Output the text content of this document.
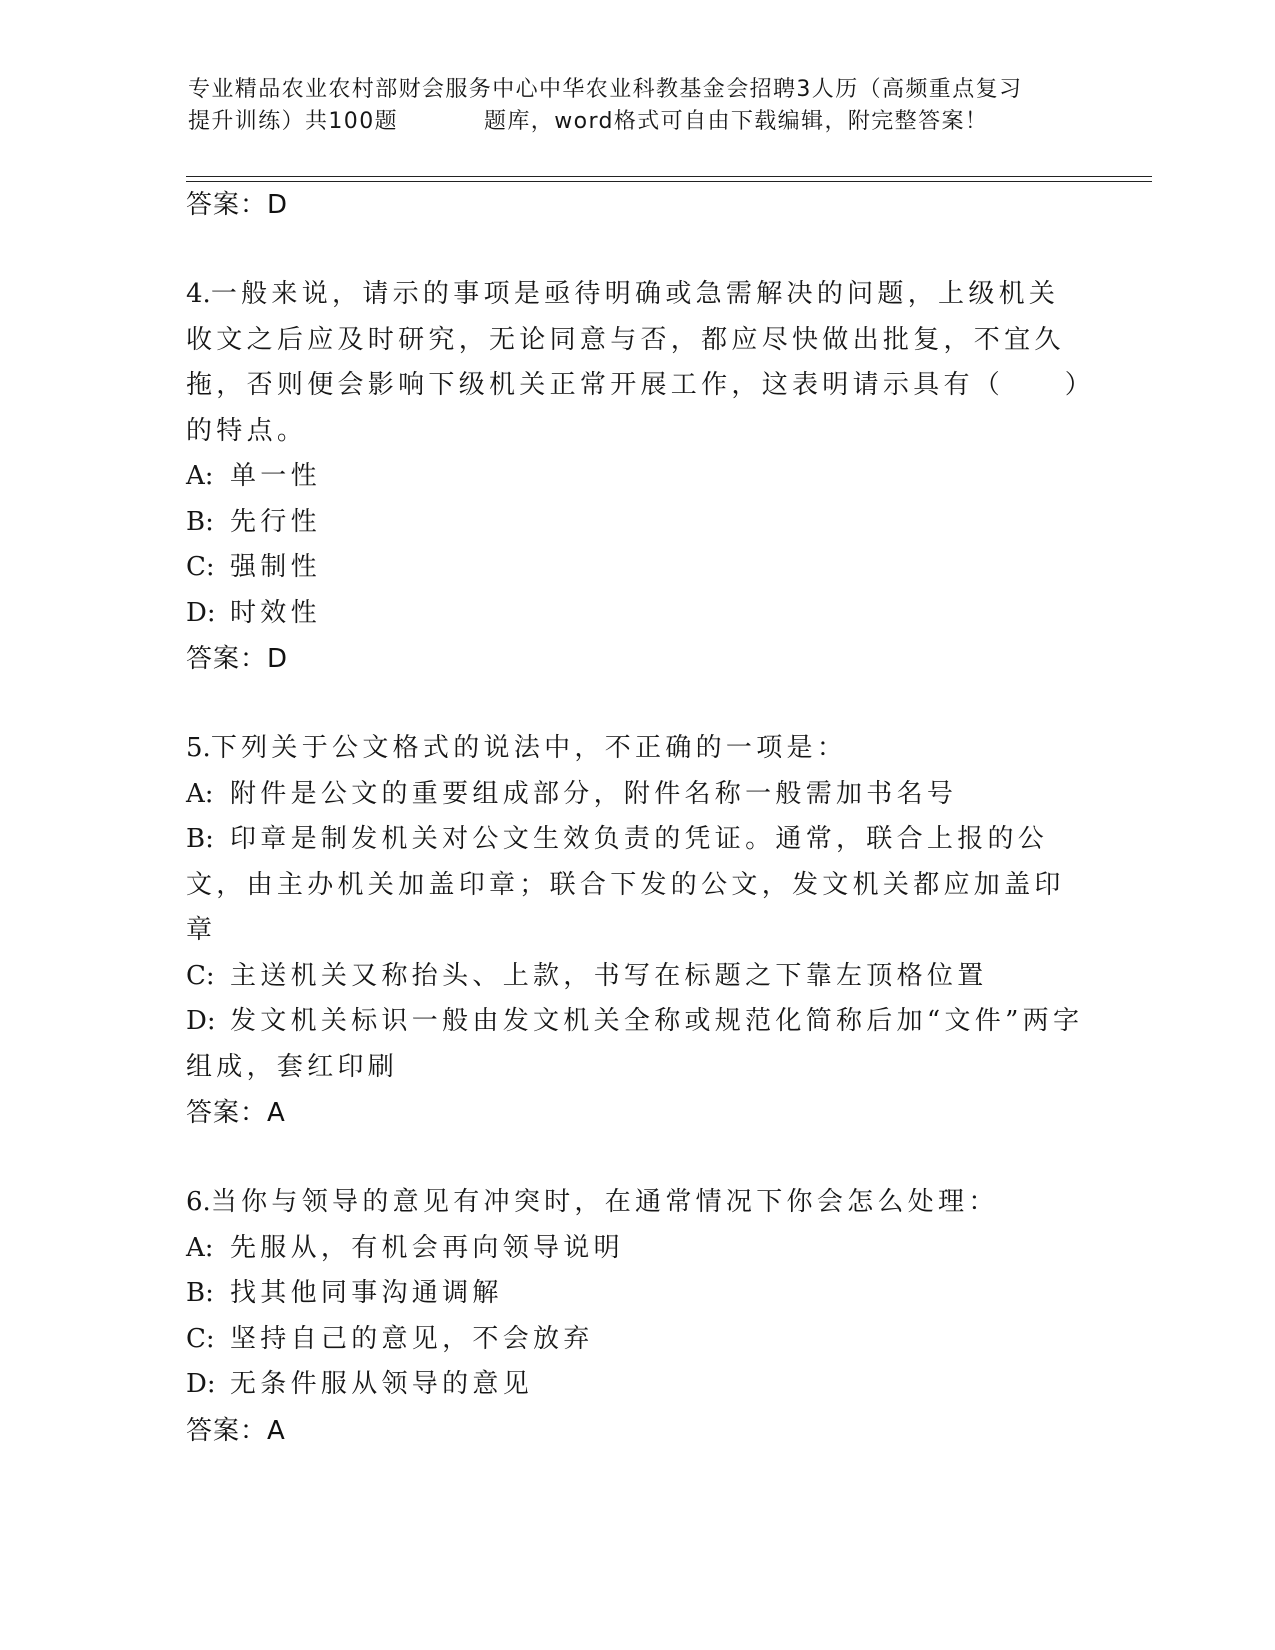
专业精品农业农村部财会服务中心中华农业科教基金会招聘3人历（高频重点复习
提升训练）共100题	题库，word格式可自由下载编辑，附完整答案！
答案：D
4.一般来说，请示的事项是亟待明确或急需解决的问题，上级机关收文之后应及时研究，无论同意与否，都应尽快做出批复，不宜久拖，否则便会影响下级机关正常开展工作，这表明请示具有（　　）的特点。
A: 单一性
B: 先行性
C: 强制性
D: 时效性
答案：D
5.下列关于公文格式的说法中，不正确的一项是：
A: 附件是公文的重要组成部分，附件名称一般需加书名号
B: 印章是制发机关对公文生效负责的凭证。通常，联合上报的公文，由主办机关加盖印章；联合下发的公文，发文机关都应加盖印章
C: 主送机关又称抬头、上款，书写在标题之下靠左顶格位置
D: 发文机关标识一般由发文机关全称或规范化简称后加“文件”两字组成，套红印刷
答案：A
6.当你与领导的意见有冲突时，在通常情况下你会怎么处理：
A: 先服从，有机会再向领导说明
B: 找其他同事沟通调解
C: 坚持自己的意见，不会放弃
D: 无条件服从领导的意见
答案：A
